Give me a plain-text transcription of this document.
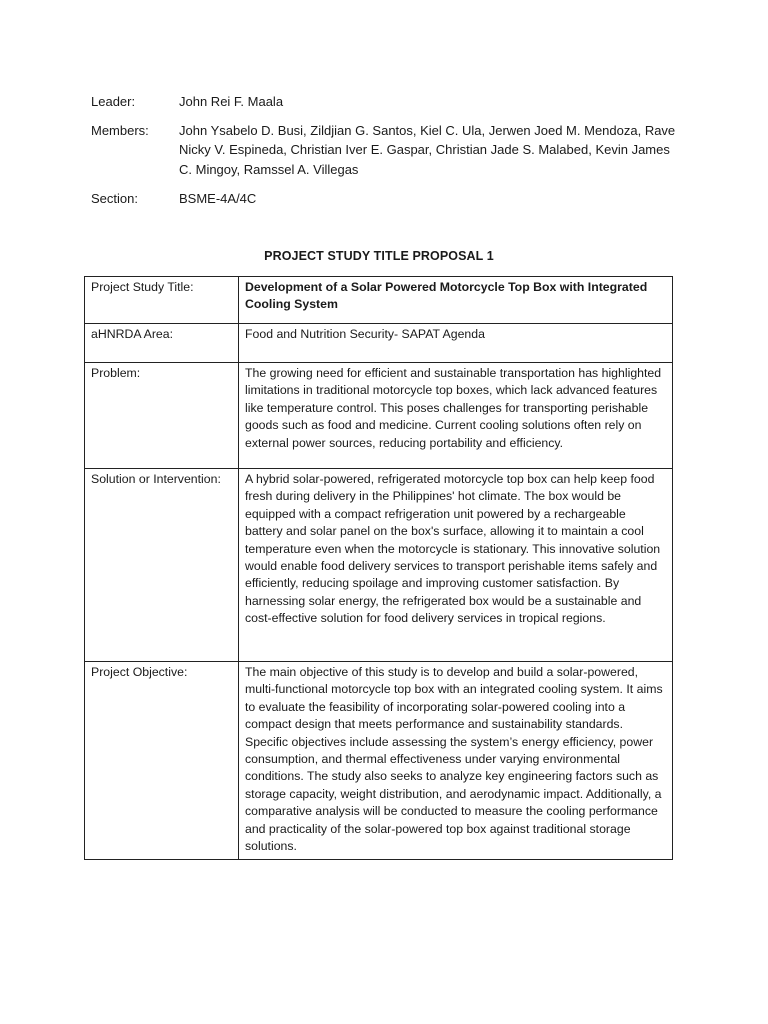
Leader:	John Rei F. Maala
Members:	John Ysabelo D. Busi, Zildjian G. Santos, Kiel C. Ula, Jerwen Joed M. Mendoza, Rave
Nicky V. Espineda, Christian Iver E. Gaspar, Christian Jade S. Malabed, Kevin James
C. Mingoy, Ramssel A. Villegas
Section:	BSME-4A/4C
PROJECT STUDY TITLE PROPOSAL 1
Project Study Title:	Development of a Solar Powered Motorcycle Top Box with Integrated Cooling System
aHNRDA Area:	Food and Nutrition Security- SAPAT Agenda
Problem:	The growing need for efficient and sustainable transportation has highlighted limitations in traditional motorcycle top boxes, which lack advanced features like temperature control. This poses challenges for transporting perishable goods such as food and medicine. Current cooling solutions often rely on external power sources, reducing portability and efficiency.
Solution or Intervention:	A hybrid solar-powered, refrigerated motorcycle top box can help keep food fresh during delivery in the Philippines' hot climate. The box would be equipped with a compact refrigeration unit powered by a rechargeable battery and solar panel on the box's surface, allowing it to maintain a cool temperature even when the motorcycle is stationary. This innovative solution would enable food delivery services to transport perishable items safely and efficiently, reducing spoilage and improving customer satisfaction. By harnessing solar energy, the refrigerated box would be a sustainable and cost-effective solution for food delivery services in tropical regions.
Project Objective:	The main objective of this study is to develop and build a solar-powered, multi-functional motorcycle top box with an integrated cooling system. It aims to evaluate the feasibility of incorporating solar-powered cooling into a compact design that meets performance and sustainability standards. Specific objectives include assessing the system’s energy efficiency, power consumption, and thermal effectiveness under varying environmental conditions. The study also seeks to analyze key engineering factors such as storage capacity, weight distribution, and aerodynamic impact. Additionally, a comparative analysis will be conducted to measure the cooling performance and practicality of the solar-powered top box against traditional storage solutions.
